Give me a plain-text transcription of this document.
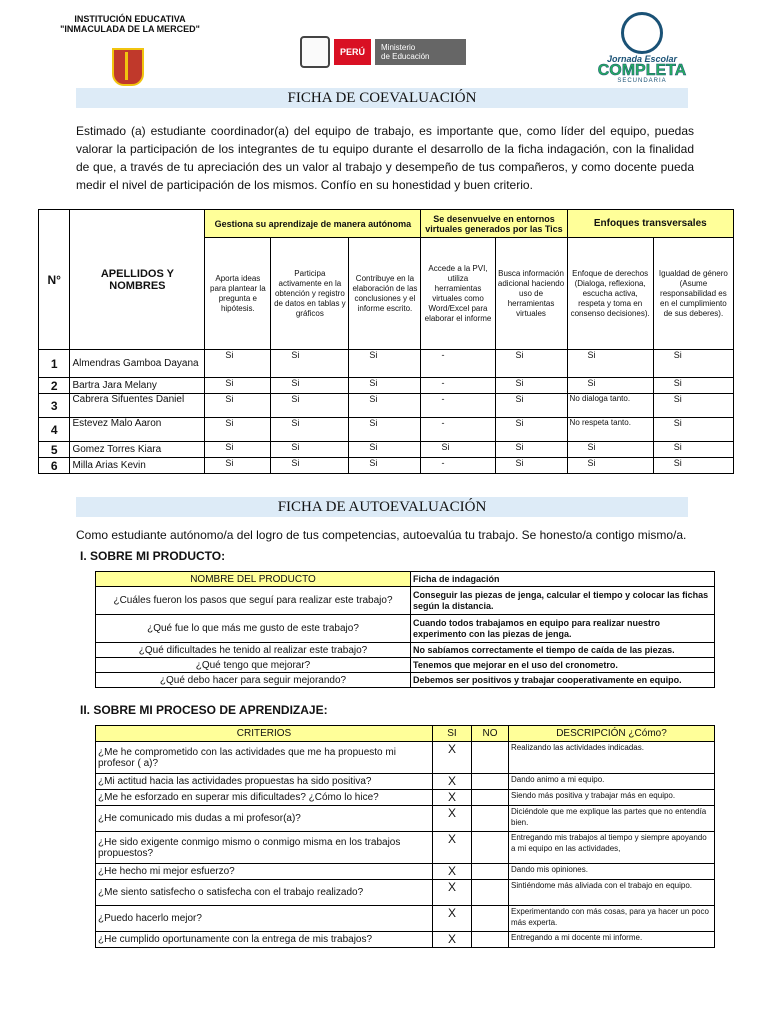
INSTITUCIÓN EDUCATIVA
"INMACULADA DE LA MERCED"
PERÚ	Ministerio
de Educación	Jornada Escolar
COMPLETA
SECUNDARIA
FICHA DE COEVALUACIÓN
Estimado (a) estudiante coordinador(a) del equipo de trabajo, es importante que, como líder del equipo, puedas valorar la participación de los integrantes de tu equipo durante el desarrollo de la ficha indagación, con la finalidad de que, a través de tu apreciación des un valor al trabajo y desempeño de tus compañeros, y como docente pueda medir el nivel de participación de los mismos. Confío en su honestidad y buen criterio.
N°	APELLIDOS Y NOMBRES	Gestiona su aprendizaje de manera autónoma			Se desenvuelve en entornos virtuales generados por las Tics		Enfoques transversales	
		Aporta ideas para plantear la pregunta e hipótesis.	Participa activamente en la obtención y registro de datos en tablas y gráficos	Contribuye en la elaboración de las conclusiones y el informe escrito.	Accede a la PVI, utiliza herramientas virtuales como Word/Excel para elaborar el informe	Busca información adicional haciendo uso de herramientas virtuales	Enfoque de derechos (Dialoga, reflexiona, escucha activa, respeta y toma en consenso decisiones).	Igualdad de género (Asume responsabilidad es en el cumplimiento de sus deberes).
1	Almendras Gamboa Dayana	Si	Si	Si	-	Si	Si	Si
2	Bartra Jara Melany	Si	Si	Si	-	Si	Si	Si
3	Cabrera Sifuentes Daniel	Si	Si	Si	-	Si	No dialoga tanto.	Si
4	Estevez Malo Aaron	Si	Si	Si	-	Si	No respeta tanto.	Si
5	Gomez Torres Kiara	Si	Si	Si	Si	Si	Si	Si
6	Milla Arias Kevin	Si	Si	Si	-	Si	Si	Si
FICHA DE AUTOEVALUACIÓN
Como estudiante autónomo/a del logro de tus competencias, autoevalúa tu trabajo. Se honesto/a contigo mismo/a.
I. SOBRE MI PRODUCTO:
NOMBRE DEL PRODUCTO	Ficha de indagación
¿Cuáles fueron los pasos que seguí para realizar este trabajo?	Conseguir las piezas de jenga, calcular el tiempo y colocar las fichas según la distancia.
¿Qué fue lo que más me gusto de este trabajo?	Cuando todos trabajamos en equipo para realizar nuestro experimento con las piezas de jenga.
¿Qué dificultades he tenido al realizar este trabajo?	No sabíamos correctamente el tiempo de caída de las piezas.
¿Qué tengo que mejorar?	Tenemos que mejorar en el uso del cronometro.
¿Qué debo hacer para seguir mejorando?	Debemos ser positivos y trabajar cooperativamente en equipo.
II. SOBRE MI PROCESO DE APRENDIZAJE:
CRITERIOS	SI	NO	DESCRIPCIÓN ¿Cómo?
¿Me he comprometido con las actividades que me ha propuesto mi profesor ( a)?	X		Realizando las actividades indicadas.
¿Mi actitud hacia las actividades propuestas ha sido positiva?	X		Dando animo a mi equipo.
¿Me he esforzado en superar mis dificultades? ¿Cómo lo hice?	X		Siendo más positiva y trabajar más en equipo.
¿He comunicado mis dudas a mi profesor(a)?	X		Diciéndole que me explique las partes que no entendía bien.
¿He sido exigente conmigo mismo o conmigo misma en los trabajos propuestos?	X		Entregando mis trabajos al tiempo y siempre apoyando a mi equipo en las actividades,
¿He hecho mi mejor esfuerzo?	X		Dando mis opiniones.
¿Me siento satisfecho o satisfecha con el trabajo realizado?	X		Sintiéndome más aliviada con el trabajo en equipo.
¿Puedo hacerlo mejor?	X		Experimentando con más cosas, para ya hacer un poco más experta.
¿He cumplido oportunamente con la entrega de mis trabajos?	X		Entregando a mi docente mi informe.
